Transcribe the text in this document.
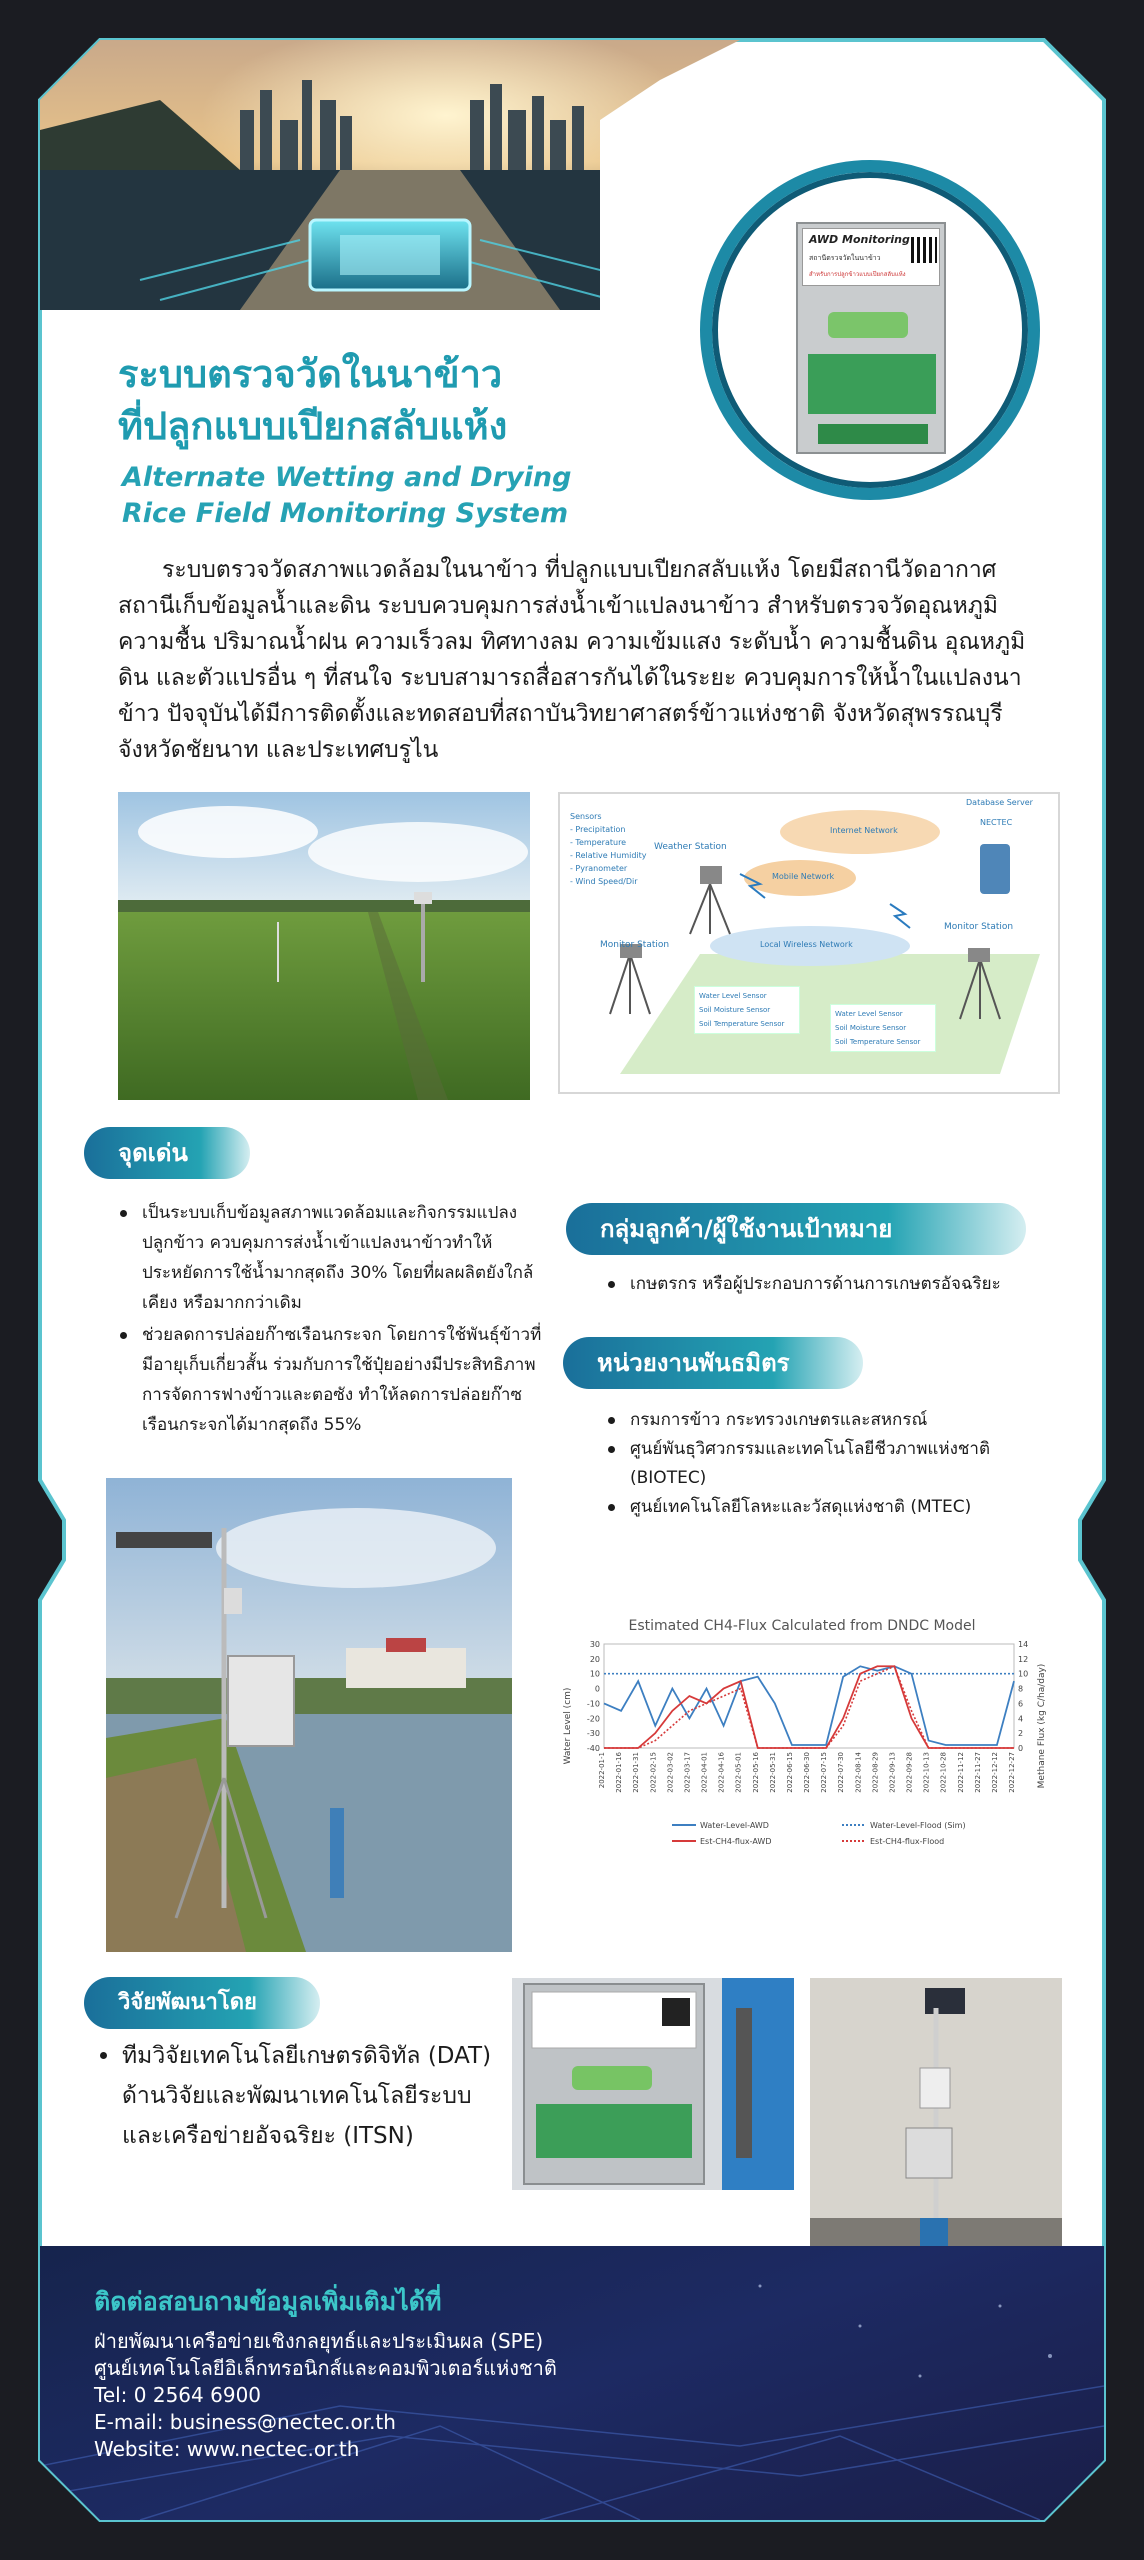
NECTEC
a member of NSTDA
AWD Monitoring
สถานีตรวจวัดในนาข้าว
สำหรับการปลูกข้าวแบบเปียกสลับแห้ง
ระบบตรวจวัดในนาข้าว
ที่ปลูกแบบเปียกสลับแห้ง
Alternate Wetting and Drying
Rice Field Monitoring System

ระบบตรวจวัดสภาพแวดล้อมในนาข้าว ที่ปลูกแบบเปียกสลับแห้ง โดยมีสถานีวัดอากาศ สถานีเก็บข้อมูลน้ำและดิน ระบบควบคุมการส่งน้ำเข้าแปลงนาข้าว สำหรับตรวจวัดอุณหภูมิ ความชื้น ปริมาณน้ำฝน ความเร็วลม ทิศทางลม ความเข้มแสง ระดับน้ำ ความชื้นดิน อุณหภูมิดิน และตัวแปรอื่น ๆ ที่สนใจ ระบบสามารถสื่อสารกันได้ในระยะ ควบคุมการให้น้ำในแปลงนาข้าว ปัจจุบันได้มีการติดตั้งและทดสอบที่สถาบันวิทยาศาสตร์ข้าวแห่งชาติ จังหวัดสุพรรณบุรี จังหวัดชัยนาท และประเทศบรูไน

Sensors
- Precipitation
- Temperature
- Relative Humidity
- Pyranometer
- Wind Speed/Dir
Weather Station
Internet Network
Mobile Network
Database Server
NECTEC
Monitor Station
Monitor Station
Local Wireless Network
Water Level Sensor
Soil Moisture Sensor
Soil Temperature Sensor
Water Level Sensor
Soil Moisture Sensor
Soil Temperature Sensor
จุดเด่น
เป็นระบบเก็บข้อมูลสภาพแวดล้อมและกิจกรรมแปลงปลูกข้าว ควบคุมการส่งน้ำเข้าแปลงนาข้าวทำให้ประหยัดการใช้น้ำมากสุดถึง 30% โดยที่ผลผลิตยังใกล้เคียง หรือมากกว่าเดิม
ช่วยลดการปล่อยก๊าซเรือนกระจก โดยการใช้พันธุ์ข้าวที่มีอายุเก็บเกี่ยวสั้น ร่วมกับการใช้ปุ๋ยอย่างมีประสิทธิภาพ การจัดการฟางข้าวและตอซัง ทำให้ลดการปล่อยก๊าซเรือนกระจกได้มากสุดถึง 55%
กลุ่มลูกค้า/ผู้ใช้งานเป้าหมาย
เกษตรกร หรือผู้ประกอบการด้านการเกษตรอัจฉริยะ
หน่วยงานพันธมิตร
กรมการข้าว กระทรวงเกษตรและสหกรณ์
ศูนย์พันธุวิศวกรรมและเทคโนโลยีชีวภาพแห่งชาติ (BIOTEC)
ศูนย์เทคโนโลยีโลหะและวัสดุแห่งชาติ (MTEC)
Estimated CH4-Flux Calculated from DNDC Model
Water Level (cm)	Methane Flux (kg C/ha/day)
30
20
10
0
-10
-20
-30
-40
14
12
10
8
6
4
2
0
2022-01-1 2022-01-16 2022-01-31 2022-02-15 2022-03-02 2022-03-17 2022-04-01 2022-04-16 2022-05-01 2022-05-16 2022-05-31 2022-06-15 2022-06-30 2022-07-15 2022-07-30 2022-08-14 2022-08-29 2022-09-13 2022-09-28 2022-10-13 2022-10-28 2022-11-12 2022-11-27 2022-12-12 2022-12-27
Water-Level-AWD	Water-Level-Flood (Sim)
Est-CH4-flux-AWD	Est-CH4-flux-Flood
วิจัยพัฒนาโดย
ทีมวิจัยเทคโนโลยีเกษตรดิจิทัล (DAT) ด้านวิจัยและพัฒนาเทคโนโลยีระบบและเครือข่ายอัจฉริยะ (ITSN)
ติดต่อสอบถามข้อมูลเพิ่มเติมได้ที่
ฝ่ายพัฒนาเครือข่ายเชิงกลยุทธ์และประเมินผล (SPE)
ศูนย์เทคโนโลยีอิเล็กทรอนิกส์และคอมพิวเตอร์แห่งชาติ
Tel: 0 2564 6900
E-mail: business@nectec.or.th
Website: www.nectec.or.th
